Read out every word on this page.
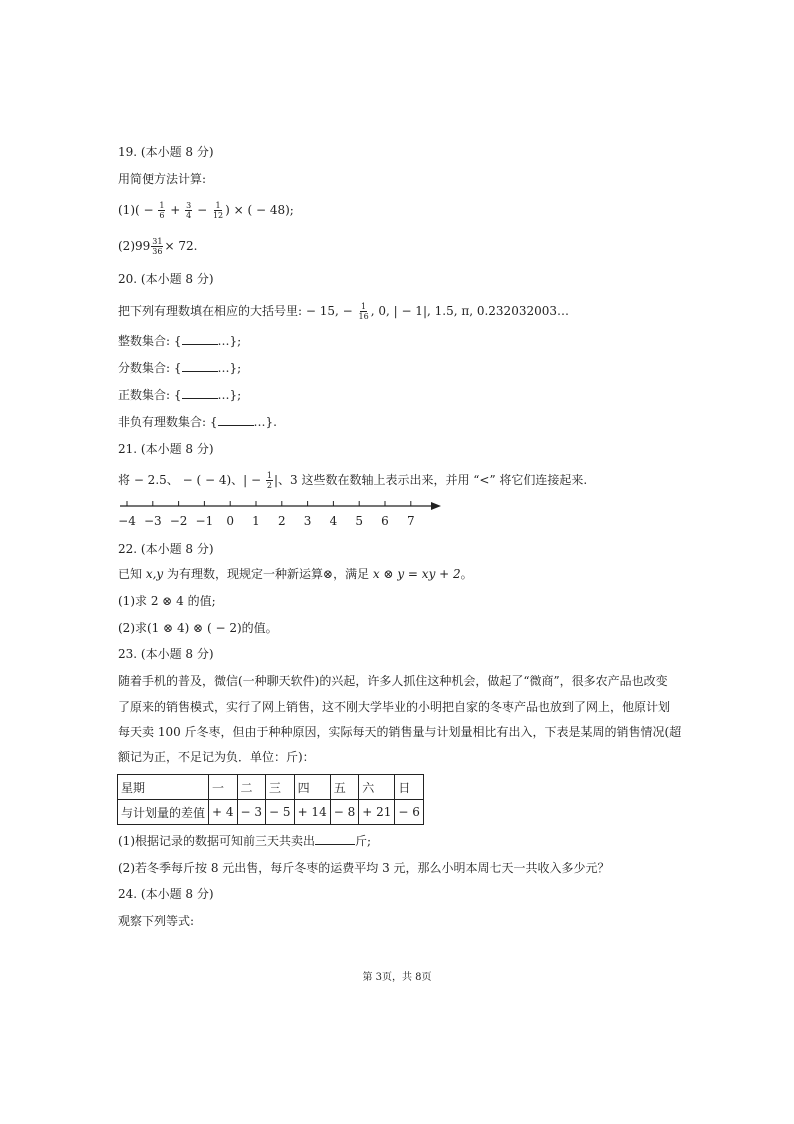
19. (本小题 8 分)
用简便方法计算:
$(1)( - \frac{1}{6} + \frac{3}{4} - \frac{1}{12}$ ) × ( − 48);
$(2)99 \frac{31}{36} \times 72$.
20. (本小题 8 分)
把下列有理数填在相应的大括号里: − 15, − $\frac{1}{16}$ , 0, | − 1|, 1.5, π, 0.232032003…
整数集合: {	…};
分数集合: {	…};
正数集合: {	…};
非负有理数集合: {	…}.
21. (本小题 8 分)
将 − 2.5、 − ( − 4)、| − $\frac{1}{2}$ |、3 这些数在数轴上表示出来，并用 “<” 将它们连接起来.
−4 −3 −2 −1 0 1 2 3 4 5 6 7
22. (本小题 8 分)
已知 x,y 为有理数，现规定一种新运算⊗，满足 x ⊗ y = xy + 2。
(1)求 2 ⊗ 4 的值;
(2)求(1 ⊗ 4) ⊗ ( − 2)的值。
23. (本小题 8 分)
随着手机的普及，微信(一种聊天软件)的兴起，许多人抓住这种机会，做起了“微商”，很多农产品也改变
了原来的销售模式，实行了网上销售，这不刚大学毕业的小明把自家的冬枣产品也放到了网上，他原计划
每天卖 100 斤冬枣，但由于种种原因，实际每天的销售量与计划量相比有出入，下表是某周的销售情况(超
额记为正，不足记为负．单位：斤)：
星期	一	二	三	四	五	六	日
与计划量的差值	+ 4	− 3	− 5	+ 14	− 8	+ 21	− 6
(1)根据记录的数据可知前三天共卖出	斤;
(2)若冬季每斤按 8 元出售，每斤冬枣的运费平均 3 元，那么小明本周七天一共收入多少元？
24. (本小题 8 分)
观察下列等式:
第 3页，共 8页
